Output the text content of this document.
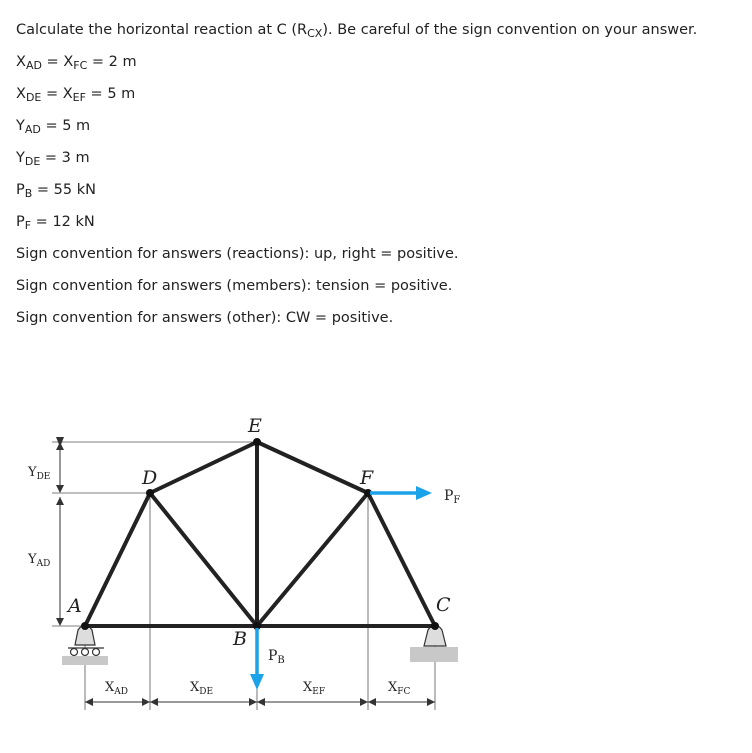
Calculate the horizontal reaction at C $(R_{CX})$. Be careful of the sign convention on your answer.
$X_{AD} = X_{FC} = 2$ m
$X_{DE} = X_{EF} = 5$ m
$Y_{AD} = 5$ m
$Y_{DE} = 3$ m
$P_B = 55$ kN
$P_F = 12$ kN
Sign convention for answers (reactions): up, right = positive.
Sign convention for answers (members): tension = positive.
Sign convention for answers (other): CW = positive.
E
D	F
A	C
B
$Y_{DE}$
$Y_{AD}$
$X_{AD}$	$X_{DE}$	$X_{EF}$	$X_{FC}$
$P_B$
$P_F$
